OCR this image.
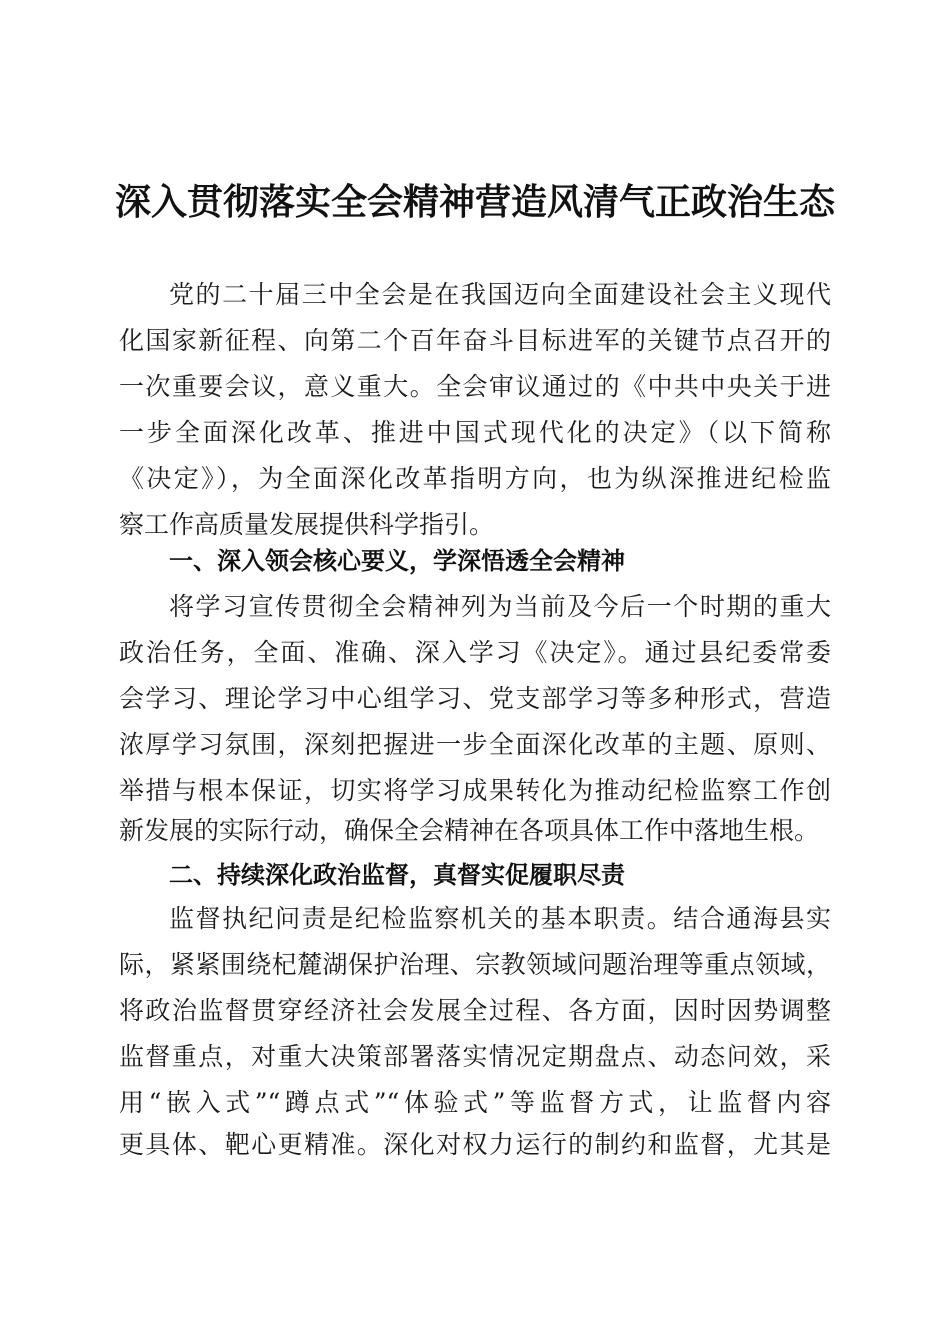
深入贯彻落实全会精神营造风清气正政治生态
党的二十届三中全会是在我国迈向全面建设社会主义现代
化国家新征程、向第二个百年奋斗目标进军的关键节点召开的
一次重要会议，意义重大。全会审议通过的《中共中央关于进
一步全面深化改革、推进中国式现代化的决定》（以下简称
《决定》），为全面深化改革指明方向，也为纵深推进纪检监
察工作高质量发展提供科学指引。
一、深入领会核心要义，学深悟透全会精神
将学习宣传贯彻全会精神列为当前及今后一个时期的重大
政治任务，全面、准确、深入学习《决定》。通过县纪委常委
会学习、理论学习中心组学习、党支部学习等多种形式，营造
浓厚学习氛围，深刻把握进一步全面深化改革的主题、原则、
举措与根本保证，切实将学习成果转化为推动纪检监察工作创
新发展的实际行动，确保全会精神在各项具体工作中落地生根。
二、持续深化政治监督，真督实促履职尽责
监督执纪问责是纪检监察机关的基本职责。结合通海县实
际，紧紧围绕杞麓湖保护治理、宗教领域问题治理等重点领域，
将政治监督贯穿经济社会发展全过程、各方面，因时因势调整
监督重点，对重大决策部署落实情况定期盘点、动态问效，采
用“嵌入式”“蹲点式”“体验式”等监督方式，让监督内容
更具体、靶心更精准。深化对权力运行的制约和监督，尤其是
